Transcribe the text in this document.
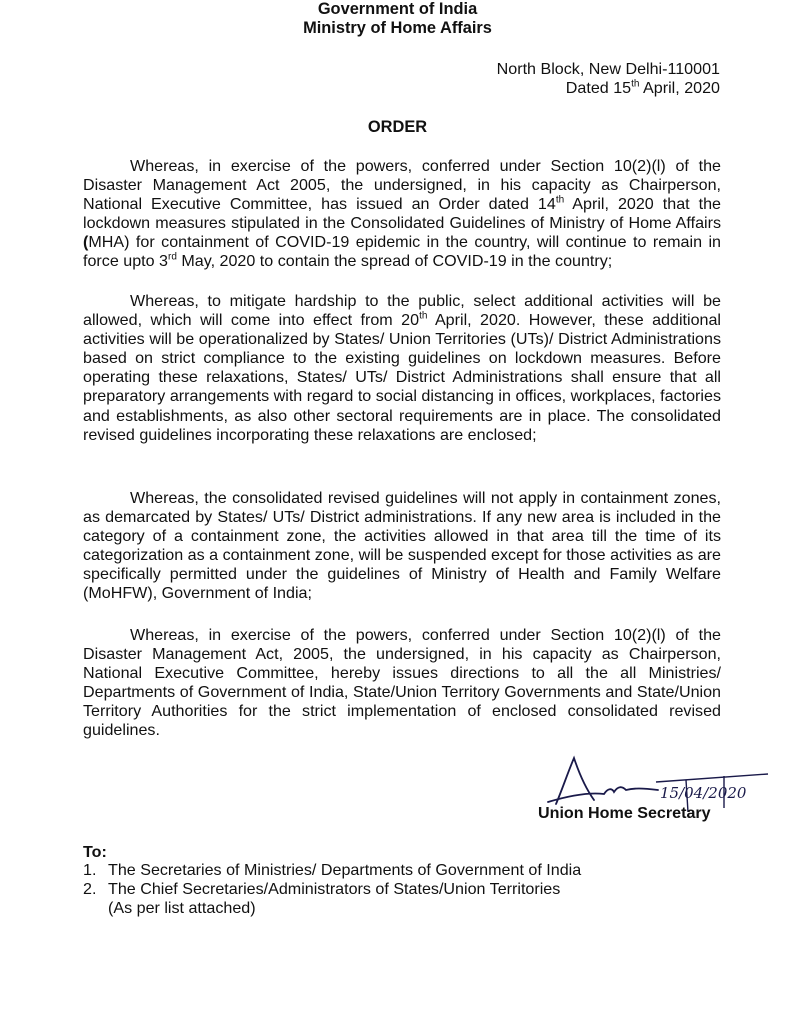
Government of India
Ministry of Home Affairs
North Block, New Delhi-110001
Dated 15th April, 2020
ORDER

Whereas, in exercise of the powers, conferred under Section 10(2)(l) of the Disaster Management Act 2005, the undersigned, in his capacity as Chairperson, National Executive Committee, has issued an Order dated 14th April, 2020 that the lockdown measures stipulated in the Consolidated Guidelines of Ministry of Home Affairs (MHA) for containment of COVID-19 epidemic in the country, will continue to remain in force upto 3rd May, 2020 to contain the spread of COVID-19 in the country;

Whereas, to mitigate hardship to the public, select additional activities will be allowed, which will come into effect from 20th April, 2020. However, these additional activities will be operationalized by States/ Union Territories (UTs)/ District Administrations based on strict compliance to the existing guidelines on lockdown measures. Before operating these relaxations, States/ UTs/ District Administrations shall ensure that all preparatory arrangements with regard to social distancing in offices, workplaces, factories and establishments, as also other sectoral requirements are in place. The consolidated revised guidelines incorporating these relaxations are enclosed;

Whereas, the consolidated revised guidelines will not apply in containment zones, as demarcated by States/ UTs/ District administrations. If any new area is included in the category of a containment zone, the activities allowed in that area till the time of its categorization as a containment zone, will be suspended except for those activities as are specifically permitted under the guidelines of Ministry of Health and Family Welfare (MoHFW), Government of India;

Whereas, in exercise of the powers, conferred under Section 10(2)(l) of the Disaster Management Act, 2005, the undersigned, in his capacity as Chairperson, National Executive Committee, hereby issues directions to all the all Ministries/ Departments of Government of India, State/Union Territory Governments and State/Union Territory Authorities for the strict implementation of enclosed consolidated revised guidelines.

15/04/2020
Union Home Secretary
To:
1. The Secretaries of Ministries/ Departments of Government of India
2. The Chief Secretaries/Administrators of States/Union Territories
(As per list attached)
